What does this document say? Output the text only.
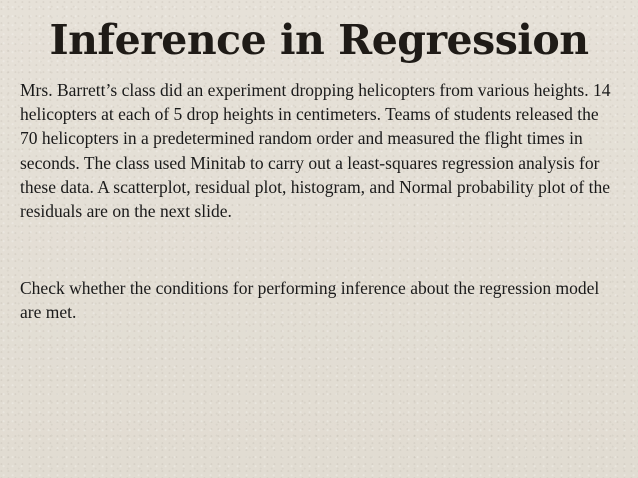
Inference in Regression

Mrs. Barrett’s class did an experiment dropping helicopters from various heights. 14 helicopters at each of 5 drop heights in centimeters. Teams of students released the 70 helicopters in a predetermined random order and measured the flight times in seconds. The class used Minitab to carry out a least-squares regression analysis for these data. A scatterplot, residual plot, histogram, and Normal probability plot of the residuals are on the next slide.

Check whether the conditions for performing inference about the regression model are met.
